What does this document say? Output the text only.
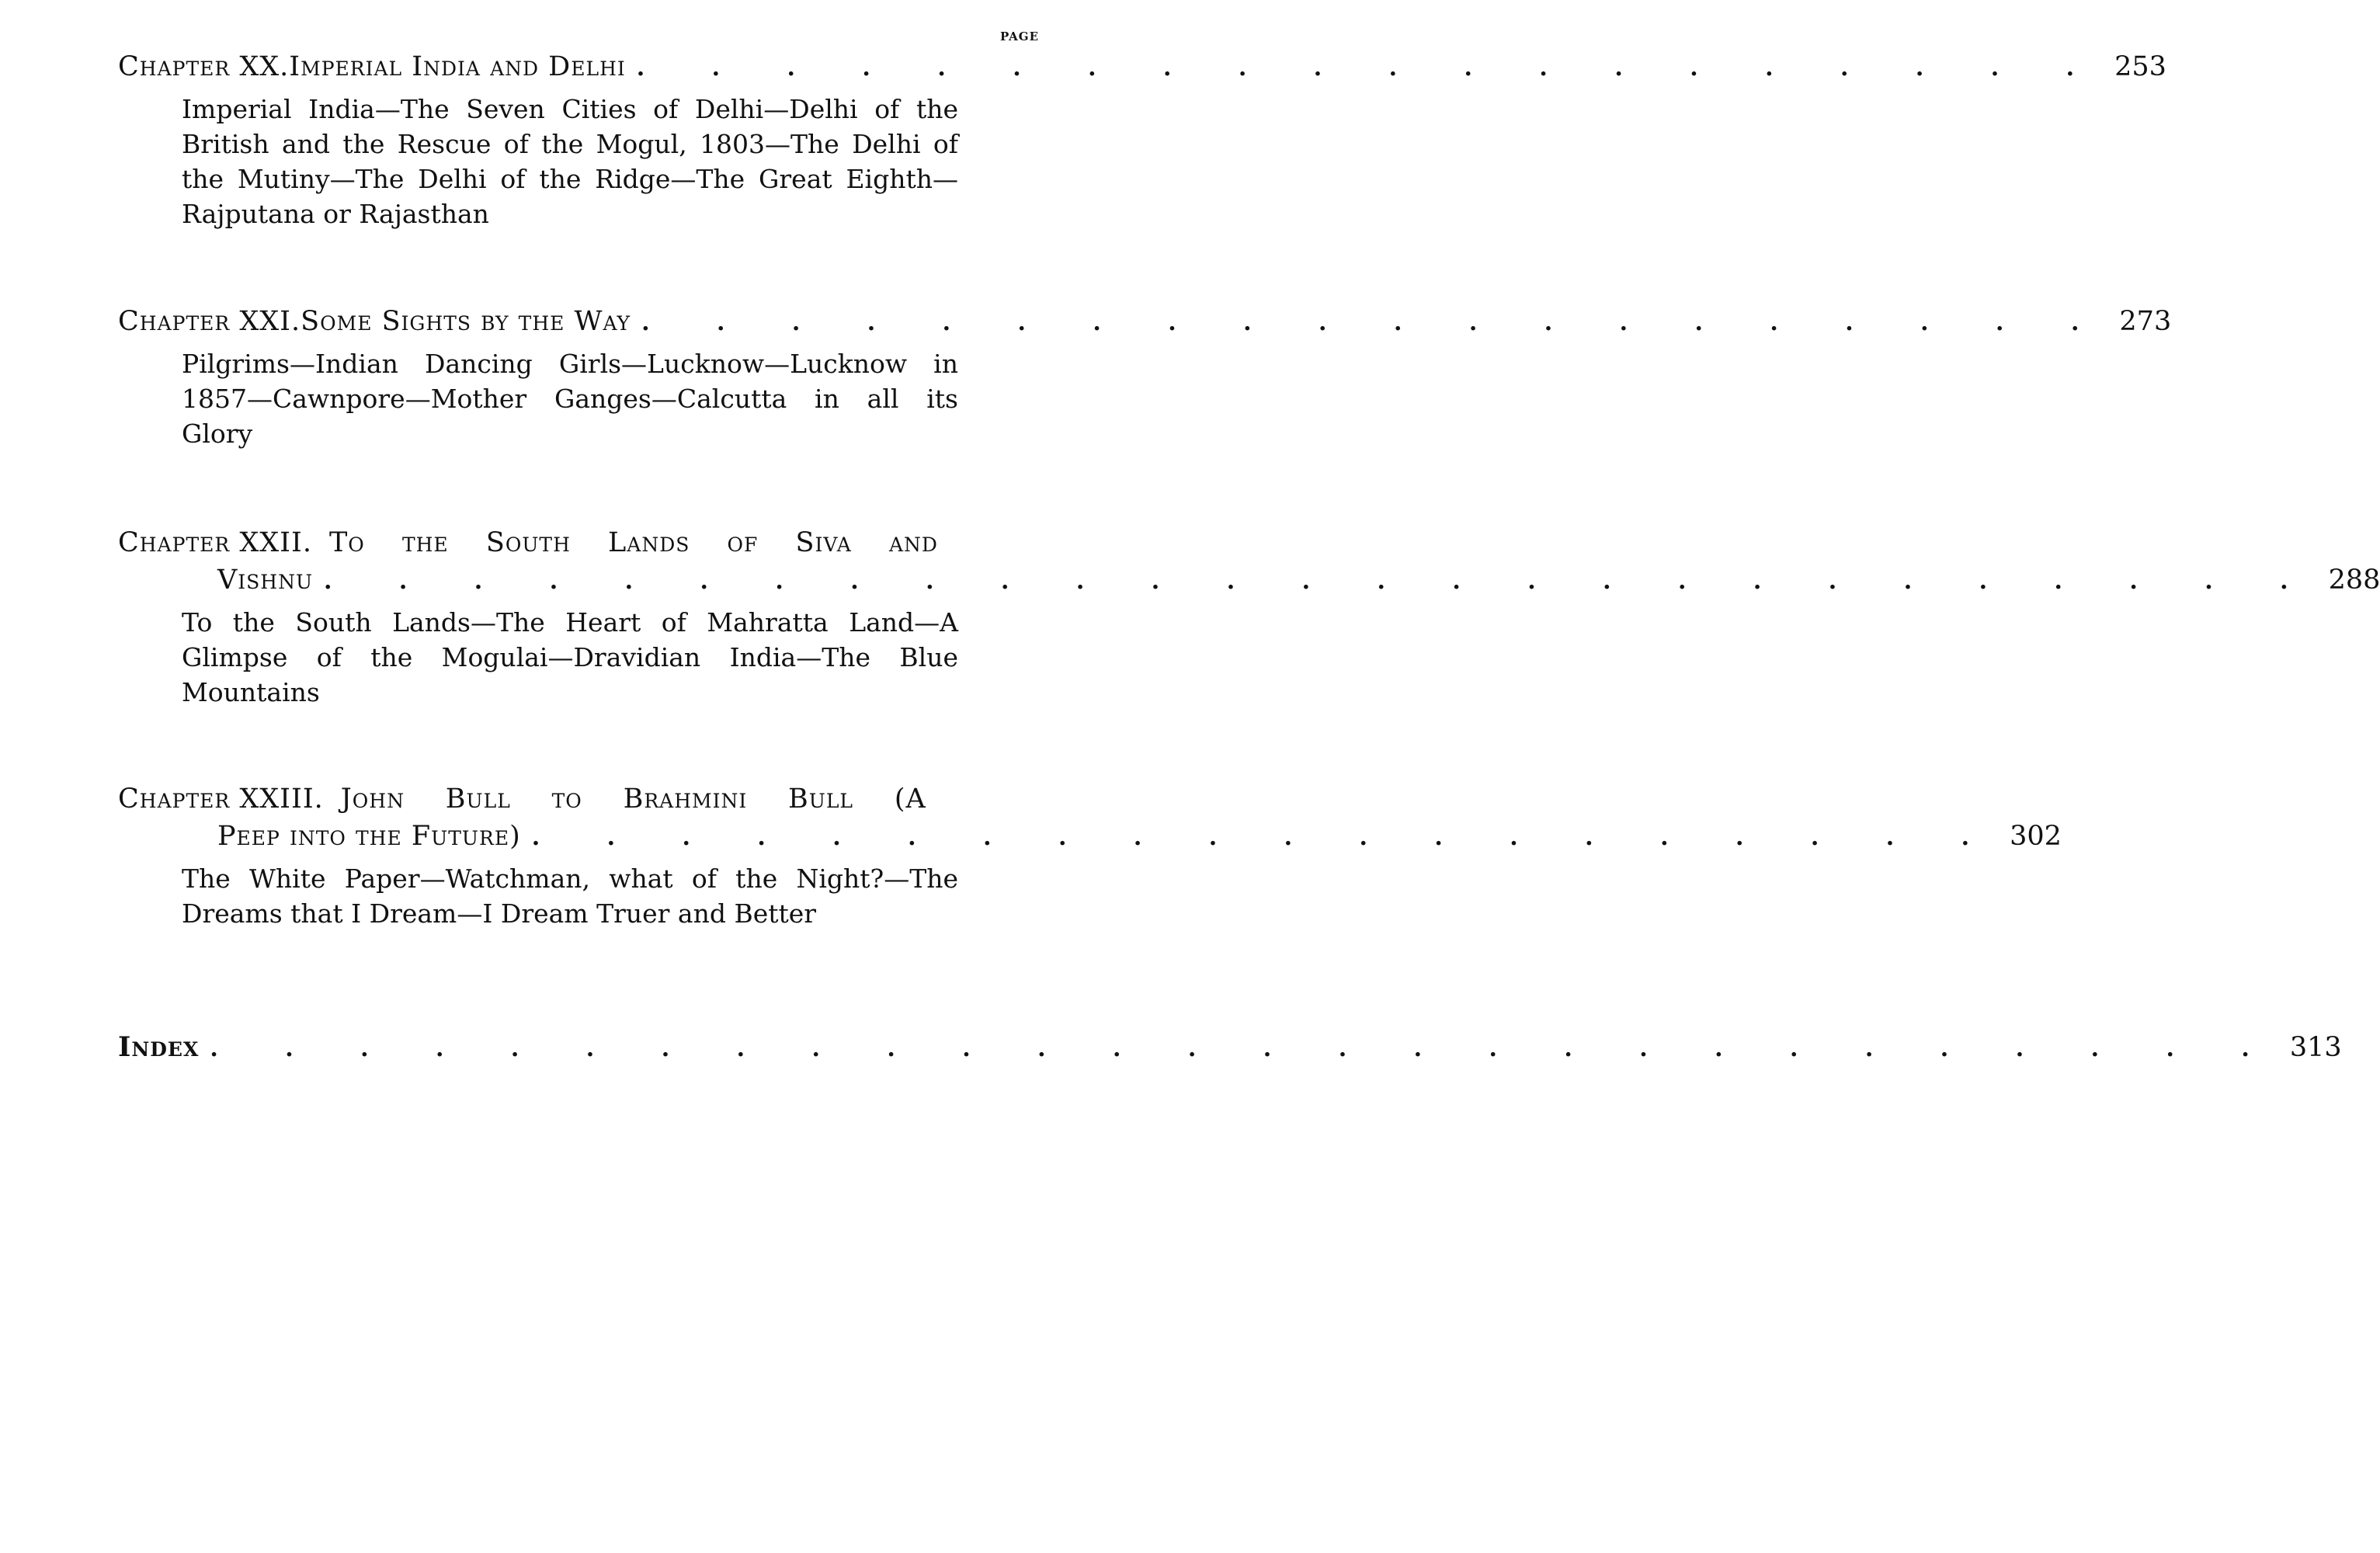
PAGE
Chapter XX. Imperial India and Delhi . . . . . . . . . . . . . . . . . . . . 253
Imperial India—The Seven Cities of Delhi—Delhi of the British and the Rescue of the Mogul, 1803—The Delhi of the Mutiny—The Delhi of the Ridge—The Great Eighth—Rajputana or Rajasthan
Chapter XXI. Some Sights by the Way . . . . . . . . . . . . . . . . . . . . 273
Pilgrims—Indian Dancing Girls—Lucknow—Lucknow in 1857—Cawnpore—Mother Ganges—Calcutta in all its Glory
Chapter XXII. To the South Lands of Siva and
Vishnu . . . . . . . . . . . . . . . . . . . . . . . . . . . 288
To the South Lands—The Heart of Mahratta Land—A Glimpse of the Mogulai—Dravidian India—The Blue Mountains
Chapter XXIII. John Bull to Brahmini Bull (A
Peep into the Future) . . . . . . . . . . . . . . . . . . . . 302
The White Paper—Watchman, what of the Night?—The Dreams that I Dream—I Dream Truer and Better
Index . . . . . . . . . . . . . . . . . . . . . . . . . . . . 313
